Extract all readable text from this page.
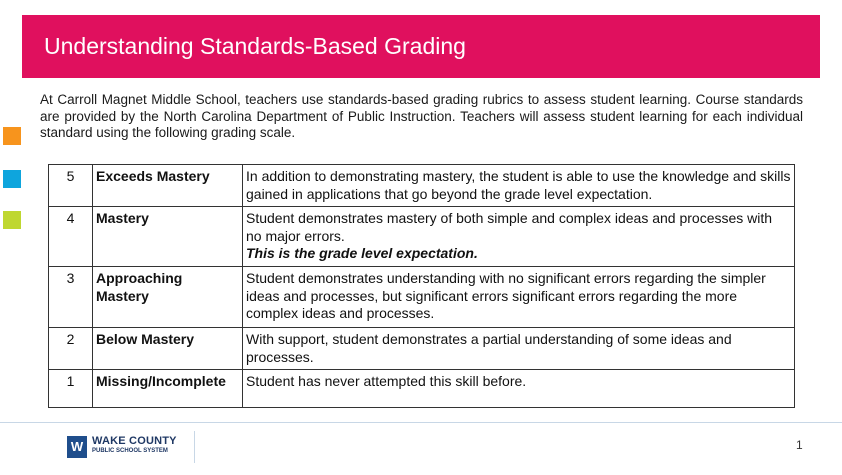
Understanding Standards-Based Grading
At Carroll Magnet Middle School, teachers use standards-based grading rubrics to assess student learning. Course standards are provided by the North Carolina Department of Public Instruction. Teachers will assess student learning for each individual standard using the following grading scale.
5	Exceeds Mastery	In addition to demonstrating mastery, the student is able to use the knowledge and skills gained in applications that go beyond the grade level expectation.
4	Mastery	Student demonstrates mastery of both simple and complex ideas and processes with no major errors.
This is the grade level expectation.

3	Approaching Mastery	Student demonstrates understanding with no significant errors regarding the simpler ideas and processes, but significant errors significant errors regarding the more complex ideas and processes.
2	Below Mastery	With support, student demonstrates a partial understanding of some ideas and processes.
1	Missing/Incomplete	Student has never attempted this skill before.
W WAKE COUNTY
PUBLIC SCHOOL SYSTEM	1
